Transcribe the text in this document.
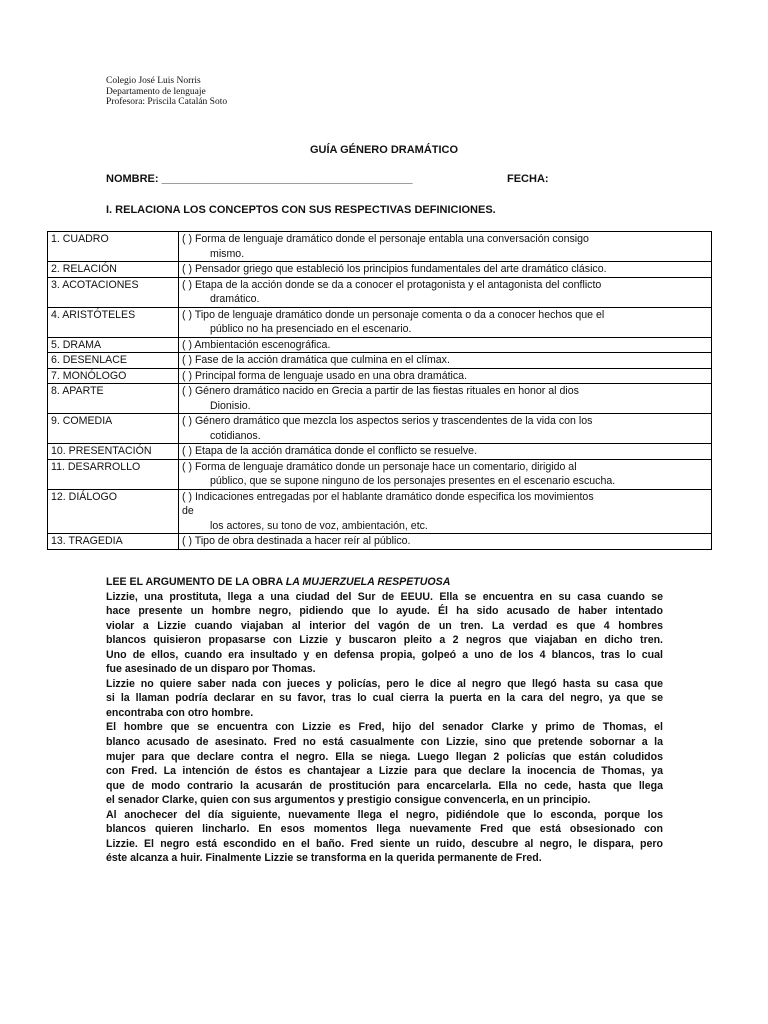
Colegio José Luis Norris
Departamento de lenguaje
Profesora: Priscila Catalán Soto
GUÍA GÉNERO DRAMÁTICO
NOMBRE: _________________________________________	FECHA:
I. RELACIONA LOS CONCEPTOS CON SUS RESPECTIVAS DEFINICIONES.
1. CUADRO	( ) Forma de lenguaje dramático donde el personaje entabla una conversación consigo
mismo.

2. RELACIÓN	( ) Pensador griego que estableció los principios fundamentales del arte dramático clásico.

3. ACOTACIONES	( ) Etapa de la acción donde se da a conocer el protagonista y el antagonista del conflicto
dramático.

4. ARISTÓTELES	( ) Tipo de lenguaje dramático donde un personaje comenta o da a conocer hechos que el
público no ha presenciado en el escenario.

5. DRAMA	( ) Ambientación escenográfica.

6. DESENLACE	( ) Fase de la acción dramática que culmina en el clímax.

7. MONÓLOGO	( ) Principal forma de lenguaje usado en una obra dramática.

8. APARTE	( ) Género dramático nacido en Grecia a partir de las fiestas rituales en honor al dios
Dionisio.

9. COMEDIA	( ) Género dramático que mezcla los aspectos serios y trascendentes de la vida con los
cotidianos.

10. PRESENTACIÓN	( ) Etapa de la acción dramática donde el conflicto se resuelve.

11. DESARROLLO	( ) Forma de lenguaje dramático donde un personaje hace un comentario, dirigido al
público, que se supone ninguno de los personajes presentes en el escenario escucha.

12. DIÁLOGO	( ) Indicaciones entregadas por el hablante dramático donde especifica los movimientos
de
los actores, su tono de voz, ambientación, etc.

13. TRAGEDIA	( ) Tipo de obra destinada a hacer reír al público.
LEE EL ARGUMENTO DE LA OBRA LA MUJERZUELA RESPETUOSA
Lizzie, una prostituta, llega a una ciudad del Sur de EEUU. Ella se encuentra en su casa cuando se
hace presente un hombre negro, pidiendo que lo ayude. Él ha sido acusado de haber intentado
violar a Lizzie cuando viajaban al interior del vagón de un tren. La verdad es que 4 hombres
blancos quisieron propasarse con Lizzie y buscaron pleito a 2 negros que viajaban en dicho tren.
Uno de ellos, cuando era insultado y en defensa propia, golpeó a uno de los 4 blancos, tras lo cual
fue asesinado de un disparo por Thomas.
Lizzie no quiere saber nada con jueces y policías, pero le dice al negro que llegó hasta su casa que
si la llaman podría declarar en su favor, tras lo cual cierra la puerta en la cara del negro, ya que se
encontraba con otro hombre.
El hombre que se encuentra con Lizzie es Fred, hijo del senador Clarke y primo de Thomas, el
blanco acusado de asesinato. Fred no está casualmente con Lizzie, sino que pretende sobornar a la
mujer para que declare contra el negro. Ella se niega. Luego llegan 2 policías que están coludidos
con Fred. La intención de éstos es chantajear a Lizzie para que declare la inocencia de Thomas, ya
que de modo contrario la acusarán de prostitución para encarcelarla. Ella no cede, hasta que llega
el senador Clarke, quien con sus argumentos y prestigio consigue convencerla, en un principio.
Al anochecer del día siguiente, nuevamente llega el negro, pidiéndole que lo esconda, porque los
blancos quieren lincharlo. En esos momentos llega nuevamente Fred que está obsesionado con
Lizzie. El negro está escondido en el baño. Fred siente un ruido, descubre al negro, le dispara, pero
éste alcanza a huir. Finalmente Lizzie se transforma en la querida permanente de Fred.
